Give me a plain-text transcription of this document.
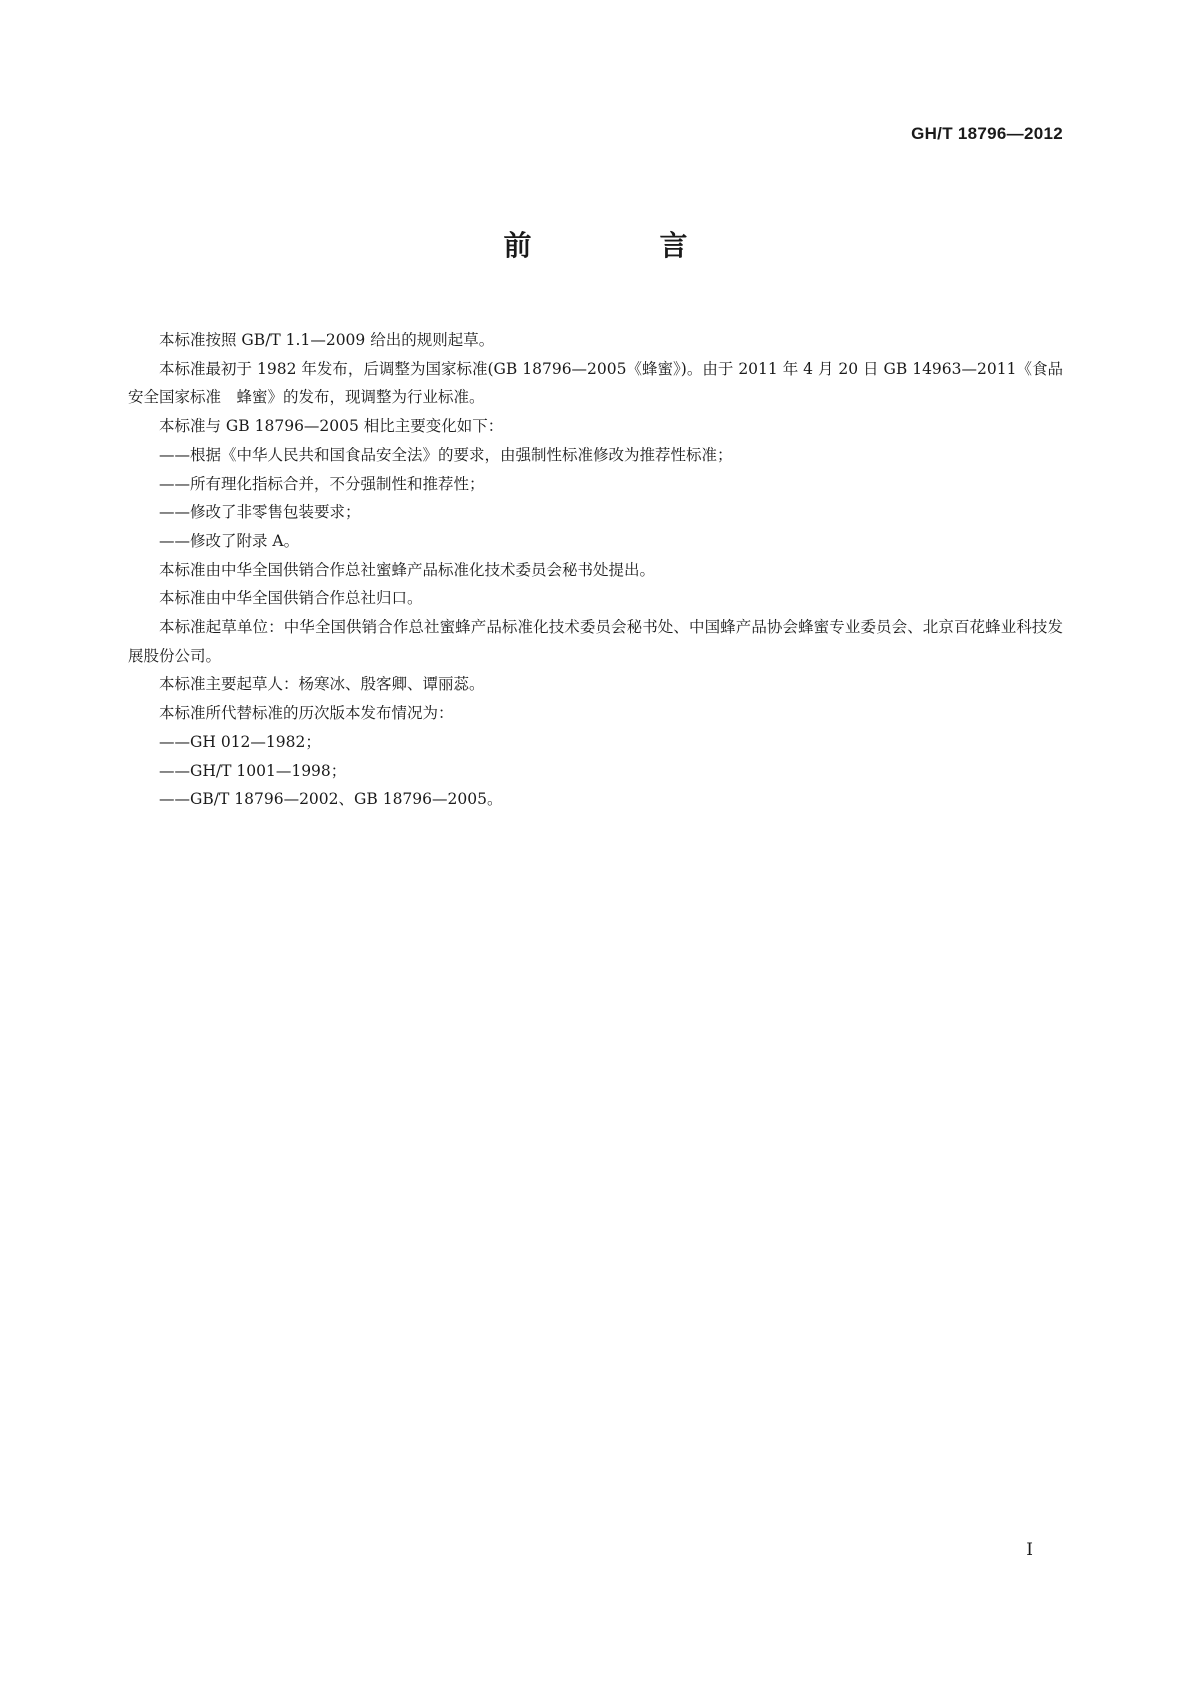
GH/T 18796—2012
前　言

本标准按照 GB/T 1.1—2009 给出的规则起草。

本标准最初于 1982 年发布，后调整为国家标准(GB 18796—2005《蜂蜜》)。由于 2011 年 4 月 20 日 GB 14963—2011《食品安全国家标准　蜂蜜》的发布，现调整为行业标准。

本标准与 GB 18796—2005 相比主要变化如下：

——根据《中华人民共和国食品安全法》的要求，由强制性标准修改为推荐性标准；

——所有理化指标合并，不分强制性和推荐性；

——修改了非零售包装要求；

——修改了附录 A。

本标准由中华全国供销合作总社蜜蜂产品标准化技术委员会秘书处提出。

本标准由中华全国供销合作总社归口。

本标准起草单位：中华全国供销合作总社蜜蜂产品标准化技术委员会秘书处、中国蜂产品协会蜂蜜专业委员会、北京百花蜂业科技发展股份公司。

本标准主要起草人：杨寒冰、殷客卿、谭丽蕊。

本标准所代替标准的历次版本发布情况为：

——GH 012—1982；

——GH/T 1001—1998；

——GB/T 18796—2002、GB 18796—2005。

I
